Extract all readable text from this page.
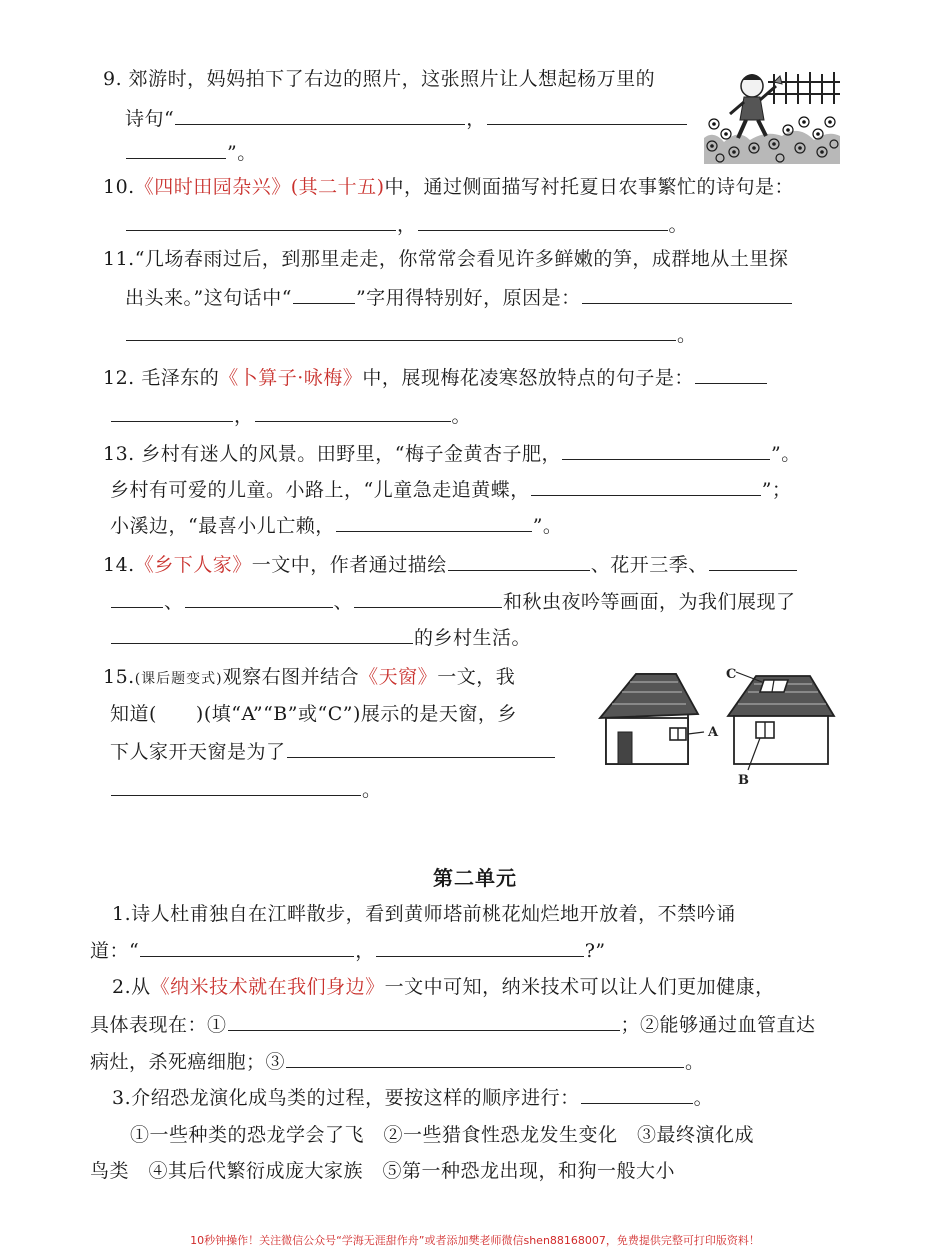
9. 郊游时，妈妈拍下了右边的照片，这张照片让人想起杨万里的
诗句“	，
”。
10.《四时田园杂兴》(其二十五)中，通过侧面描写衬托夏日农事繁忙的诗句是：
，	。
11.“几场春雨过后，到那里走走，你常常会看见许多鲜嫩的笋，成群地从土里探
出头来。”这句话中“	”字用得特别好，原因是：
。
12. 毛泽东的《卜算子·咏梅》中，展现梅花凌寒怒放特点的句子是：
，	。
13. 乡村有迷人的风景。田野里，“梅子金黄杏子肥，	”。
乡村有可爱的儿童。小路上，“儿童急走追黄蝶，	”；
小溪边，“最喜小儿亡赖，	”。
14.《乡下人家》一文中，作者通过描绘	、花开三季、
、	、	和秋虫夜吟等画面，为我们展现了
的乡村生活。
15.(课后题变式)观察右图并结合《天窗》一文，我
知道(　　)(填“A”“B”或“C”)展示的是天窗，乡
下人家开天窗是为了
。
A
C
B
第二单元
1.诗人杜甫独自在江畔散步，看到黄师塔前桃花灿烂地开放着，不禁吟诵
道：“	，	?”
2.从《纳米技术就在我们身边》一文中可知，纳米技术可以让人们更加健康，
具体表现在：①	；②能够通过血管直达
病灶，杀死癌细胞；③	。
3.介绍恐龙演化成鸟类的过程，要按这样的顺序进行：	。
①一些种类的恐龙学会了飞　②一些猎食性恐龙发生变化　③最终演化成
鸟类　④其后代繁衍成庞大家族　⑤第一种恐龙出现，和狗一般大小
10秒钟操作！关注微信公众号“学海无涯甜作舟”或者添加樊老师微信shen88168007，免费提供完整可打印版资料！
